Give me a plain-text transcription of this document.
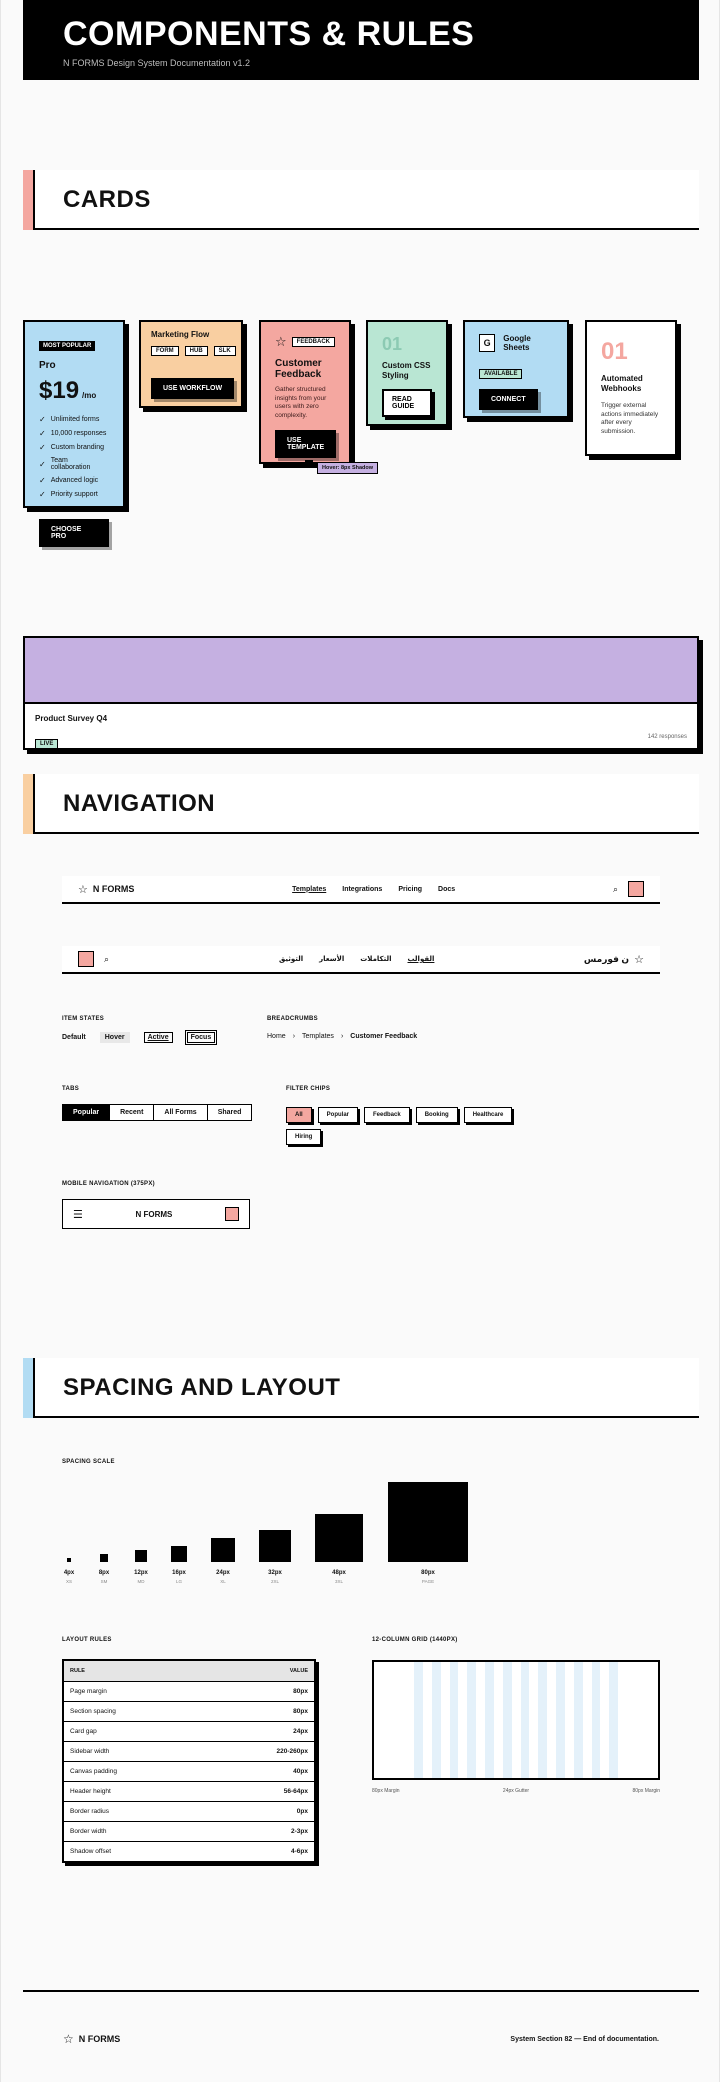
COMPONENTS & RULES

N FORMS Design System Documentation v1.2

CARDS
MOST POPULAR
Pro
$19 /mo
✓ Unlimited forms
✓ 10,000 responses
✓ Custom branding
✓ Team collaboration
✓ Advanced logic
✓ Priority support
CHOOSE PRO
Marketing Flow
FORM	HUB	SLK
☆	FEEDBACK
Customer Feedback
Gather structured insights from your users with zero complexity.
USE TEMPLATE
Hover: 8px Shadow
01
Custom CSS Styling
READ GUIDE
G	Google Sheets
AVAILABLE
CONNECT
01
Automated Webhooks
Trigger external actions immediately after every submission.
Product Survey Q4
LIVE
142 responses
NAVIGATION
☆ N FORMS	Templates Integrations Pricing Docs	⌕
⌕	القوالب
التكاملات
الأسعار
التوثيق	ن فورمس ☆
ITEM STATES
Default	Hover	Active	Focus
BREADCRUMBS
Home › Templates › Customer Feedback
TABS
Popular	Recent	All Forms	Shared
FILTER CHIPS
All	Popular	Feedback	Booking	Healthcare
Hiring
MOBILE NAVIGATION (375PX)
☰	N FORMS
SPACING AND LAYOUT
SPACING SCALE
4px
XS
8px
SM
12px
MD
16px
LG
24px
XL
32px
2XL
48px
3XL
80px
PAGE
LAYOUT RULES
RULE	VALUE
Page margin	80px
Section spacing	80px
Card gap	24px
Sidebar width	220-260px
Canvas padding	40px
Header height	56-64px
Border radius	0px
Border width	2-3px
Shadow offset	4-6px
12-COLUMN GRID (1440PX)
80px Margin	24px Gutter	80px Margin
☆ N FORMS	System Section 82 — End of documentation.
USE WORKFLOW
